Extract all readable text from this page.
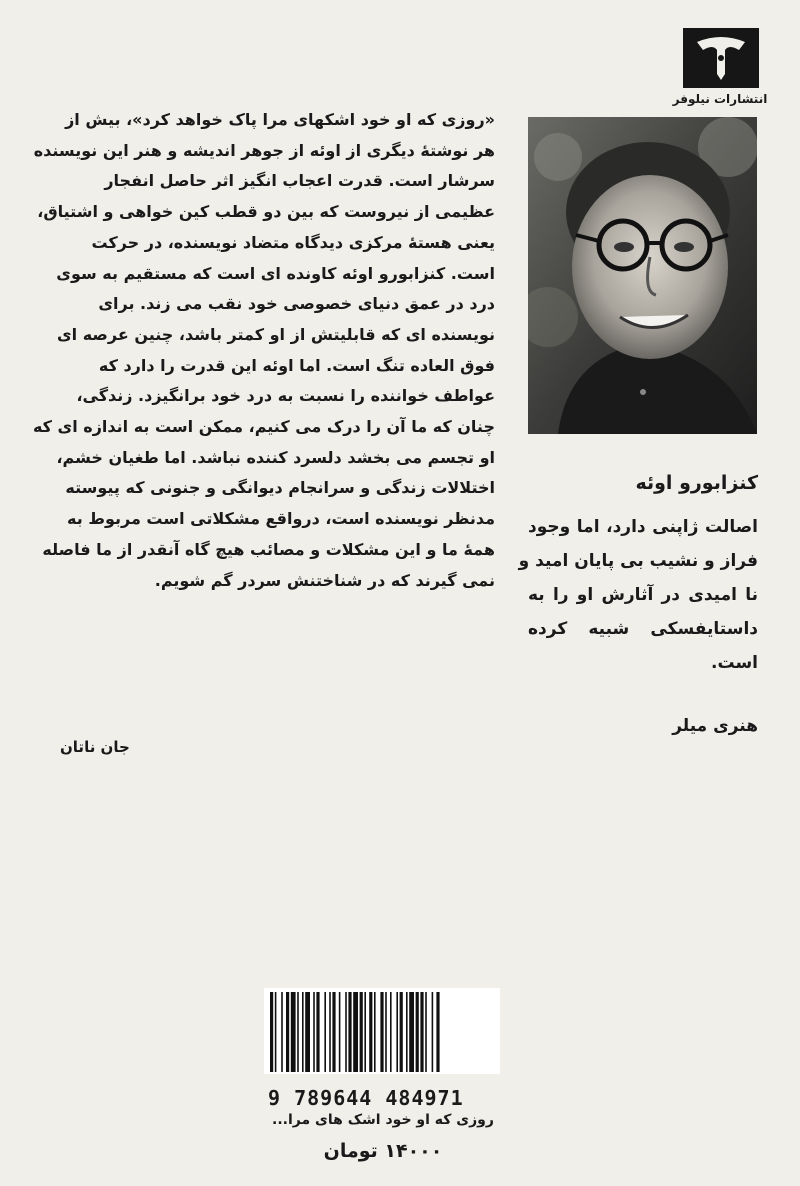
انتشارات نیلوفر
«روزی که او خود اشکهای مرا پاک خواهد کرد»، بیش از
هر نوشتهٔ دیگری از اوئه از جوهر اندیشه و هنر این نویسنده
سرشار است. قدرت اعجاب انگیز اثر حاصل انفجار
عظیمی از نیروست که بین دو قطب کین خواهی و اشتیاق،
یعنی هستهٔ مرکزی دیدگاه متضاد نویسنده، در حرکت
است. کنزابورو اوئه کاونده ای است که مستقیم به سوی
درد در عمق دنیای خصوصی خود نقب می زند. برای
نویسنده ای که قابلیتش از او کمتر باشد، چنین عرصه ای
فوق العاده تنگ است. اما اوئه این قدرت را دارد که
عواطف خواننده را نسبت به درد خود برانگیزد. زندگی،
چنان که ما آن را درک می کنیم، ممکن است به اندازه ای که
او تجسم می بخشد دلسرد کننده نباشد. اما طغیان خشم،
اختلالات زندگی و سرانجام دیوانگی و جنونی که پیوسته
مدنظر نویسنده است، درواقع مشکلاتی است مربوط به
همهٔ ما و این مشکلات و مصائب هیچ گاه آنقدر از ما فاصله
نمی گیرند که در شناختنش سردر گم شویم.
جان ناتان
کنزابورو اوئه
اصالت ژاپنی دارد، اما وجود
فراز و نشیب بی پایان امید و
نا امیدی در آثارش او را به
داستایفسکی شبیه کرده
است.
هنری میلر
9 789644 484971
روزی که او خود اشک های مرا...
۱۴۰۰۰ تومان
